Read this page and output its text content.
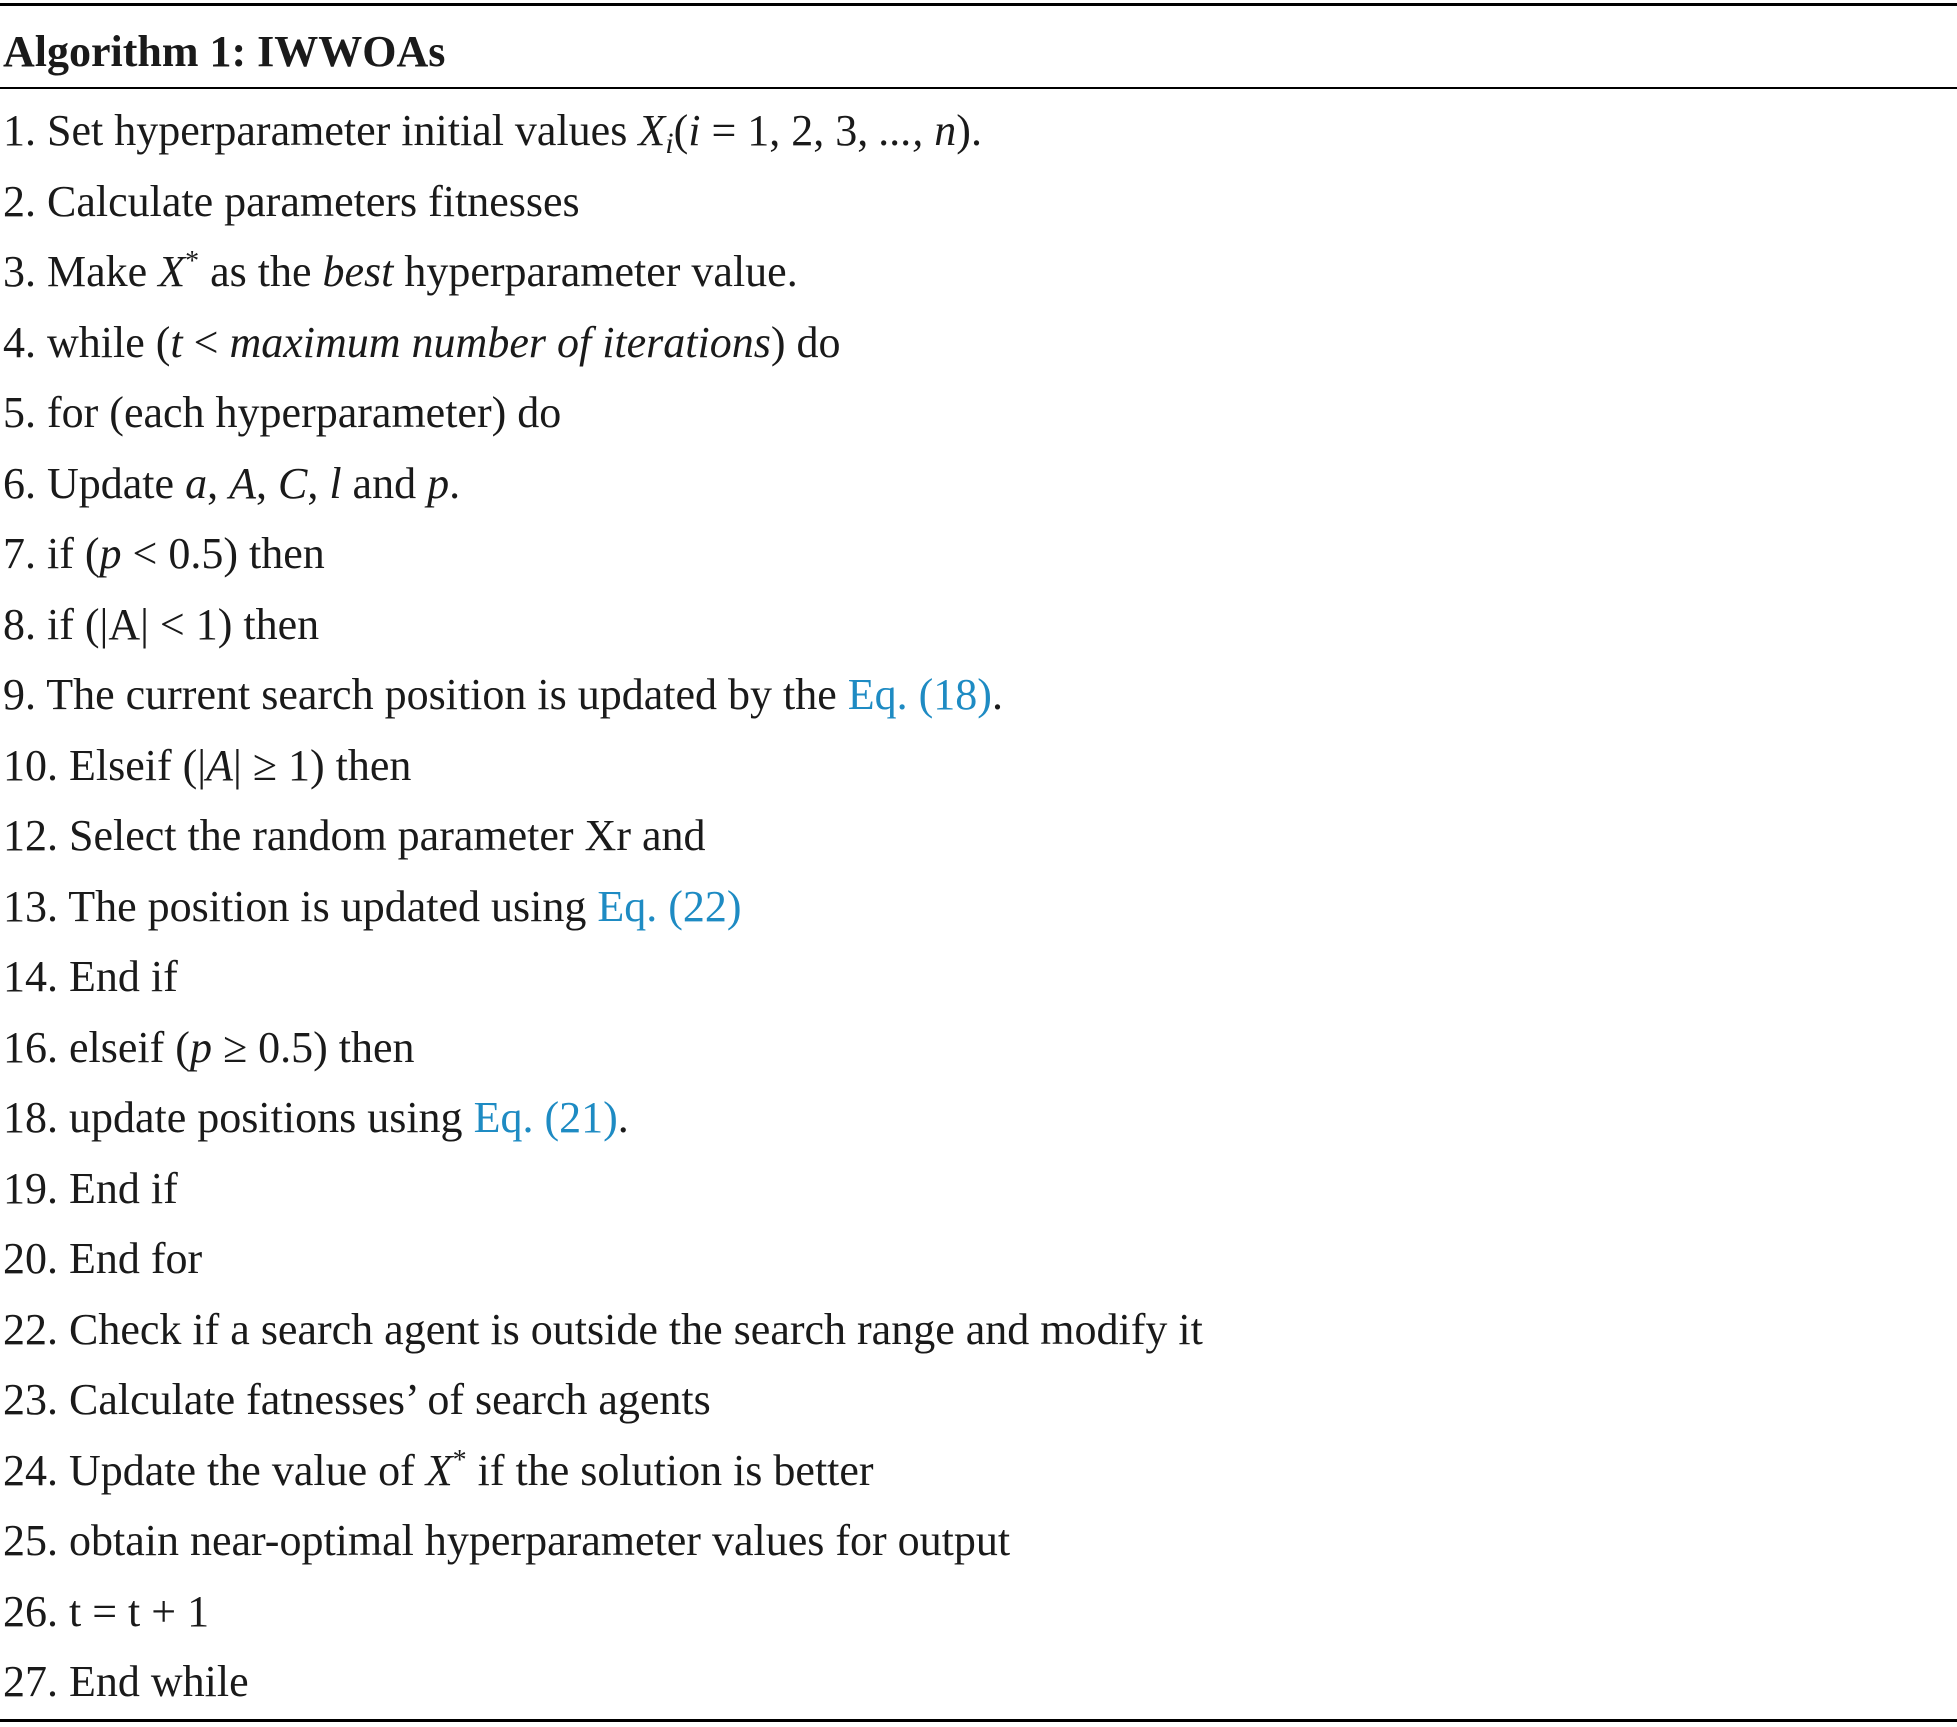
Algorithm 1: IWWOAs
1. Set hyperparameter initial values $X_i(i = 1$, 2, 3, ..., n).
2. Calculate parameters fitnesses
3. Make X* as the best hyperparameter value.
4. while (t < maximum number of iterations) do
5. for (each hyperparameter) do
6. Update a, A, C, l and p.
7. if (p < 0.5) then
8. if (|A| < 1) then
9. The current search position is updated by the Eq. (18).
10. Elseif (|A| ≥ 1) then
12. Select the random parameter Xr and
13. The position is updated using Eq. (22)
14. End if
16. elseif (p ≥ 0.5) then
18. update positions using Eq. (21).
19. End if
20. End for
22. Check if a search agent is outside the search range and modify it
23. Calculate fatnesses’ of search agents
24. Update the value of X* if the solution is better
25. obtain near-optimal hyperparameter values for output
26. t = t + 1
27. End while
